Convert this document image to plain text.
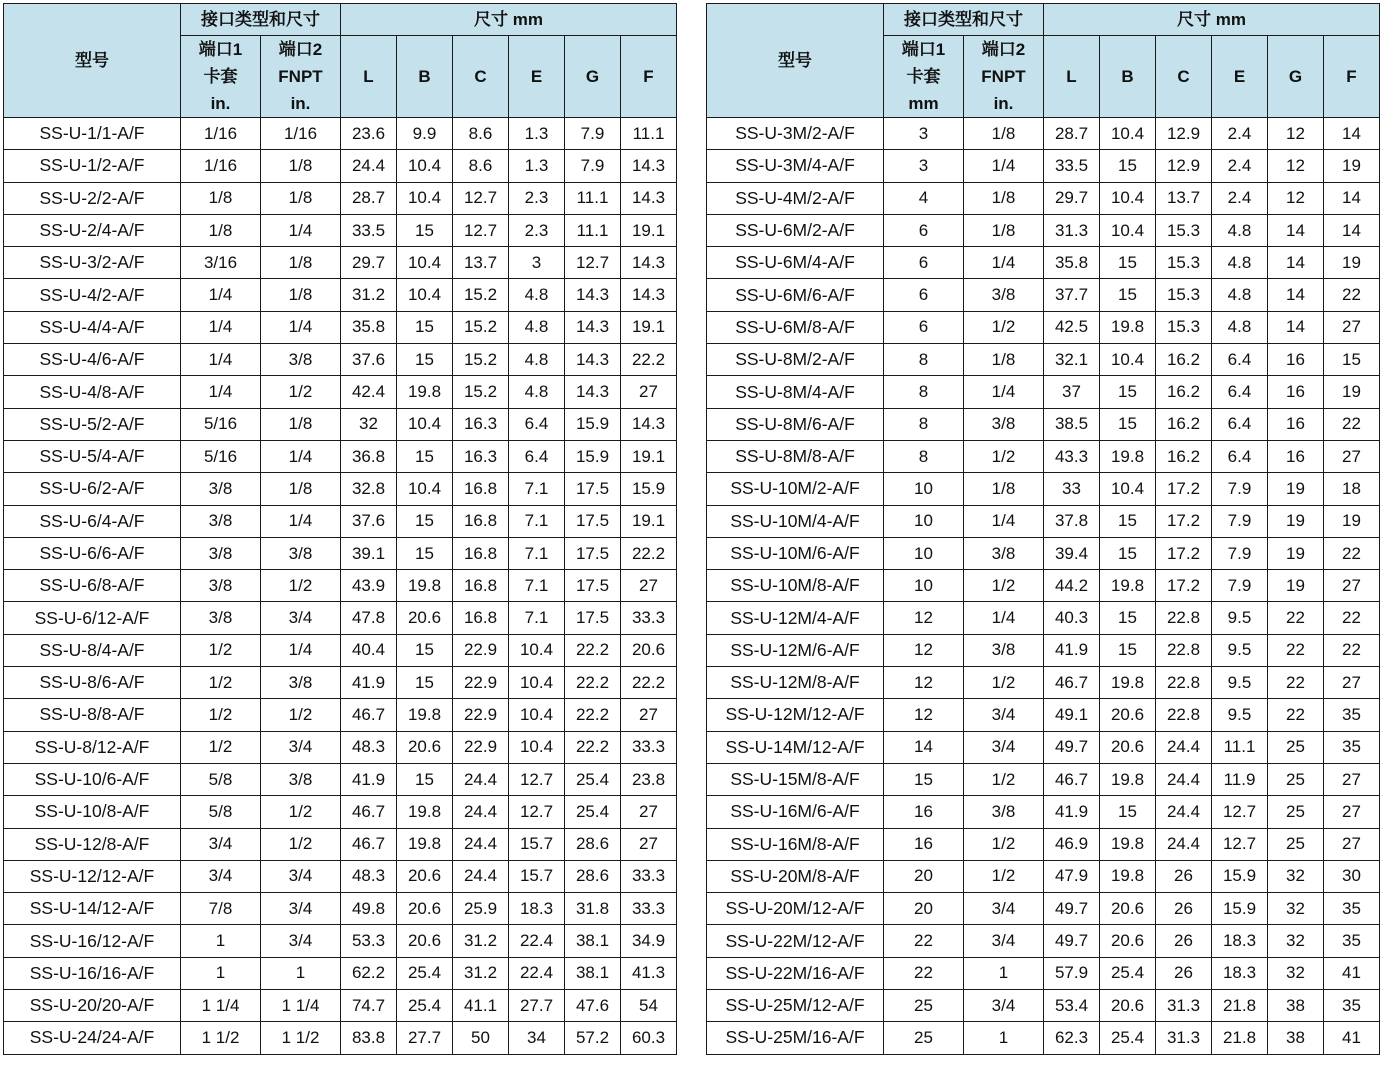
型号	接口类型和尺寸		尺寸 mm					

	端口1
卡套
in.	端口2
FNPT
in.	L	B	C	E	G	F
SS-U-1/1-A/F	1/16	1/16	23.6	9.9	8.6	1.3	7.9	11.1
SS-U-1/2-A/F	1/16	1/8	24.4	10.4	8.6	1.3	7.9	14.3
SS-U-2/2-A/F	1/8	1/8	28.7	10.4	12.7	2.3	11.1	14.3
SS-U-2/4-A/F	1/8	1/4	33.5	15	12.7	2.3	11.1	19.1
SS-U-3/2-A/F	3/16	1/8	29.7	10.4	13.7	3	12.7	14.3
SS-U-4/2-A/F	1/4	1/8	31.2	10.4	15.2	4.8	14.3	14.3
SS-U-4/4-A/F	1/4	1/4	35.8	15	15.2	4.8	14.3	19.1
SS-U-4/6-A/F	1/4	3/8	37.6	15	15.2	4.8	14.3	22.2
SS-U-4/8-A/F	1/4	1/2	42.4	19.8	15.2	4.8	14.3	27
SS-U-5/2-A/F	5/16	1/8	32	10.4	16.3	6.4	15.9	14.3
SS-U-5/4-A/F	5/16	1/4	36.8	15	16.3	6.4	15.9	19.1
SS-U-6/2-A/F	3/8	1/8	32.8	10.4	16.8	7.1	17.5	15.9
SS-U-6/4-A/F	3/8	1/4	37.6	15	16.8	7.1	17.5	19.1
SS-U-6/6-A/F	3/8	3/8	39.1	15	16.8	7.1	17.5	22.2
SS-U-6/8-A/F	3/8	1/2	43.9	19.8	16.8	7.1	17.5	27
SS-U-6/12-A/F	3/8	3/4	47.8	20.6	16.8	7.1	17.5	33.3
SS-U-8/4-A/F	1/2	1/4	40.4	15	22.9	10.4	22.2	20.6
SS-U-8/6-A/F	1/2	3/8	41.9	15	22.9	10.4	22.2	22.2
SS-U-8/8-A/F	1/2	1/2	46.7	19.8	22.9	10.4	22.2	27
SS-U-8/12-A/F	1/2	3/4	48.3	20.6	22.9	10.4	22.2	33.3
SS-U-10/6-A/F	5/8	3/8	41.9	15	24.4	12.7	25.4	23.8
SS-U-10/8-A/F	5/8	1/2	46.7	19.8	24.4	12.7	25.4	27
SS-U-12/8-A/F	3/4	1/2	46.7	19.8	24.4	15.7	28.6	27
SS-U-12/12-A/F	3/4	3/4	48.3	20.6	24.4	15.7	28.6	33.3
SS-U-14/12-A/F	7/8	3/4	49.8	20.6	25.9	18.3	31.8	33.3
SS-U-16/12-A/F	1	3/4	53.3	20.6	31.2	22.4	38.1	34.9
SS-U-16/16-A/F	1	1	62.2	25.4	31.2	22.4	38.1	41.3
SS-U-20/20-A/F	1 1/4	1 1/4	74.7	25.4	41.1	27.7	47.6	54
SS-U-24/24-A/F	1 1/2	1 1/2	83.8	27.7	50	34	57.2	60.3
型号	接口类型和尺寸		尺寸 mm					

	端口1
卡套
mm	端口2
FNPT
in.	L	B	C	E	G	F
SS-U-3M/2-A/F	3	1/8	28.7	10.4	12.9	2.4	12	14
SS-U-3M/4-A/F	3	1/4	33.5	15	12.9	2.4	12	19
SS-U-4M/2-A/F	4	1/8	29.7	10.4	13.7	2.4	12	14
SS-U-6M/2-A/F	6	1/8	31.3	10.4	15.3	4.8	14	14
SS-U-6M/4-A/F	6	1/4	35.8	15	15.3	4.8	14	19
SS-U-6M/6-A/F	6	3/8	37.7	15	15.3	4.8	14	22
SS-U-6M/8-A/F	6	1/2	42.5	19.8	15.3	4.8	14	27
SS-U-8M/2-A/F	8	1/8	32.1	10.4	16.2	6.4	16	15
SS-U-8M/4-A/F	8	1/4	37	15	16.2	6.4	16	19
SS-U-8M/6-A/F	8	3/8	38.5	15	16.2	6.4	16	22
SS-U-8M/8-A/F	8	1/2	43.3	19.8	16.2	6.4	16	27
SS-U-10M/2-A/F	10	1/8	33	10.4	17.2	7.9	19	18
SS-U-10M/4-A/F	10	1/4	37.8	15	17.2	7.9	19	19
SS-U-10M/6-A/F	10	3/8	39.4	15	17.2	7.9	19	22
SS-U-10M/8-A/F	10	1/2	44.2	19.8	17.2	7.9	19	27
SS-U-12M/4-A/F	12	1/4	40.3	15	22.8	9.5	22	22
SS-U-12M/6-A/F	12	3/8	41.9	15	22.8	9.5	22	22
SS-U-12M/8-A/F	12	1/2	46.7	19.8	22.8	9.5	22	27
SS-U-12M/12-A/F	12	3/4	49.1	20.6	22.8	9.5	22	35
SS-U-14M/12-A/F	14	3/4	49.7	20.6	24.4	11.1	25	35
SS-U-15M/8-A/F	15	1/2	46.7	19.8	24.4	11.9	25	27
SS-U-16M/6-A/F	16	3/8	41.9	15	24.4	12.7	25	27
SS-U-16M/8-A/F	16	1/2	46.9	19.8	24.4	12.7	25	27
SS-U-20M/8-A/F	20	1/2	47.9	19.8	26	15.9	32	30
SS-U-20M/12-A/F	20	3/4	49.7	20.6	26	15.9	32	35
SS-U-22M/12-A/F	22	3/4	49.7	20.6	26	18.3	32	35
SS-U-22M/16-A/F	22	1	57.9	25.4	26	18.3	32	41
SS-U-25M/12-A/F	25	3/4	53.4	20.6	31.3	21.8	38	35
SS-U-25M/16-A/F	25	1	62.3	25.4	31.3	21.8	38	41
